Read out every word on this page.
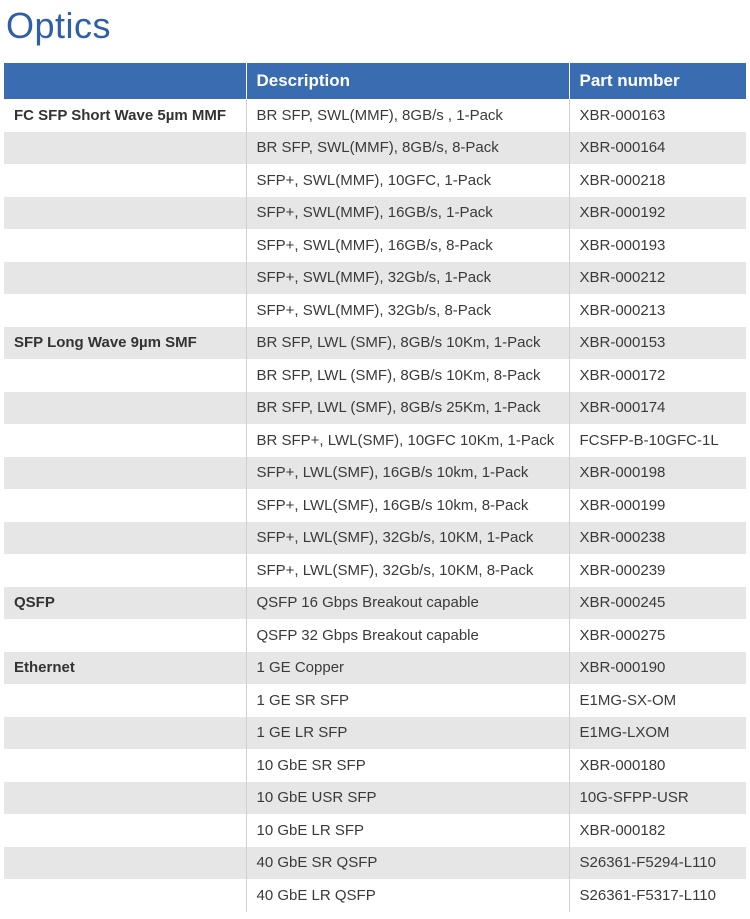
Optics
	Description	Part number
FC SFP Short Wave 5µm MMF	BR SFP, SWL(MMF), 8GB/s , 1-Pack	XBR-000163
	BR SFP, SWL(MMF), 8GB/s, 8-Pack	XBR-000164
	SFP+, SWL(MMF), 10GFC, 1-Pack	XBR-000218
	SFP+, SWL(MMF), 16GB/s, 1-Pack	XBR-000192
	SFP+, SWL(MMF), 16GB/s, 8-Pack	XBR-000193
	SFP+, SWL(MMF), 32Gb/s, 1-Pack	XBR-000212
	SFP+, SWL(MMF), 32Gb/s, 8-Pack	XBR-000213
SFP Long Wave 9µm SMF	BR SFP, LWL (SMF), 8GB/s 10Km, 1-Pack	XBR-000153
	BR SFP, LWL (SMF), 8GB/s 10Km, 8-Pack	XBR-000172
	BR SFP, LWL (SMF), 8GB/s 25Km, 1-Pack	XBR-000174
	BR SFP+, LWL(SMF), 10GFC 10Km, 1-Pack	FCSFP-B-10GFC-1L
	SFP+, LWL(SMF), 16GB/s 10km, 1-Pack	XBR-000198
	SFP+, LWL(SMF), 16GB/s 10km, 8-Pack	XBR-000199
	SFP+, LWL(SMF), 32Gb/s, 10KM, 1-Pack	XBR-000238
	SFP+, LWL(SMF), 32Gb/s, 10KM, 8-Pack	XBR-000239
QSFP	QSFP 16 Gbps Breakout capable	XBR-000245
	QSFP 32 Gbps Breakout capable	XBR-000275
Ethernet	1 GE Copper	XBR-000190
	1 GE SR SFP	E1MG-SX-OM
	1 GE LR SFP	E1MG-LXOM
	10 GbE SR SFP	XBR-000180
	10 GbE USR SFP	10G-SFPP-USR
	10 GbE LR SFP	XBR-000182
	40 GbE SR QSFP	S26361-F5294-L110
	40 GbE LR QSFP	S26361-F5317-L110
